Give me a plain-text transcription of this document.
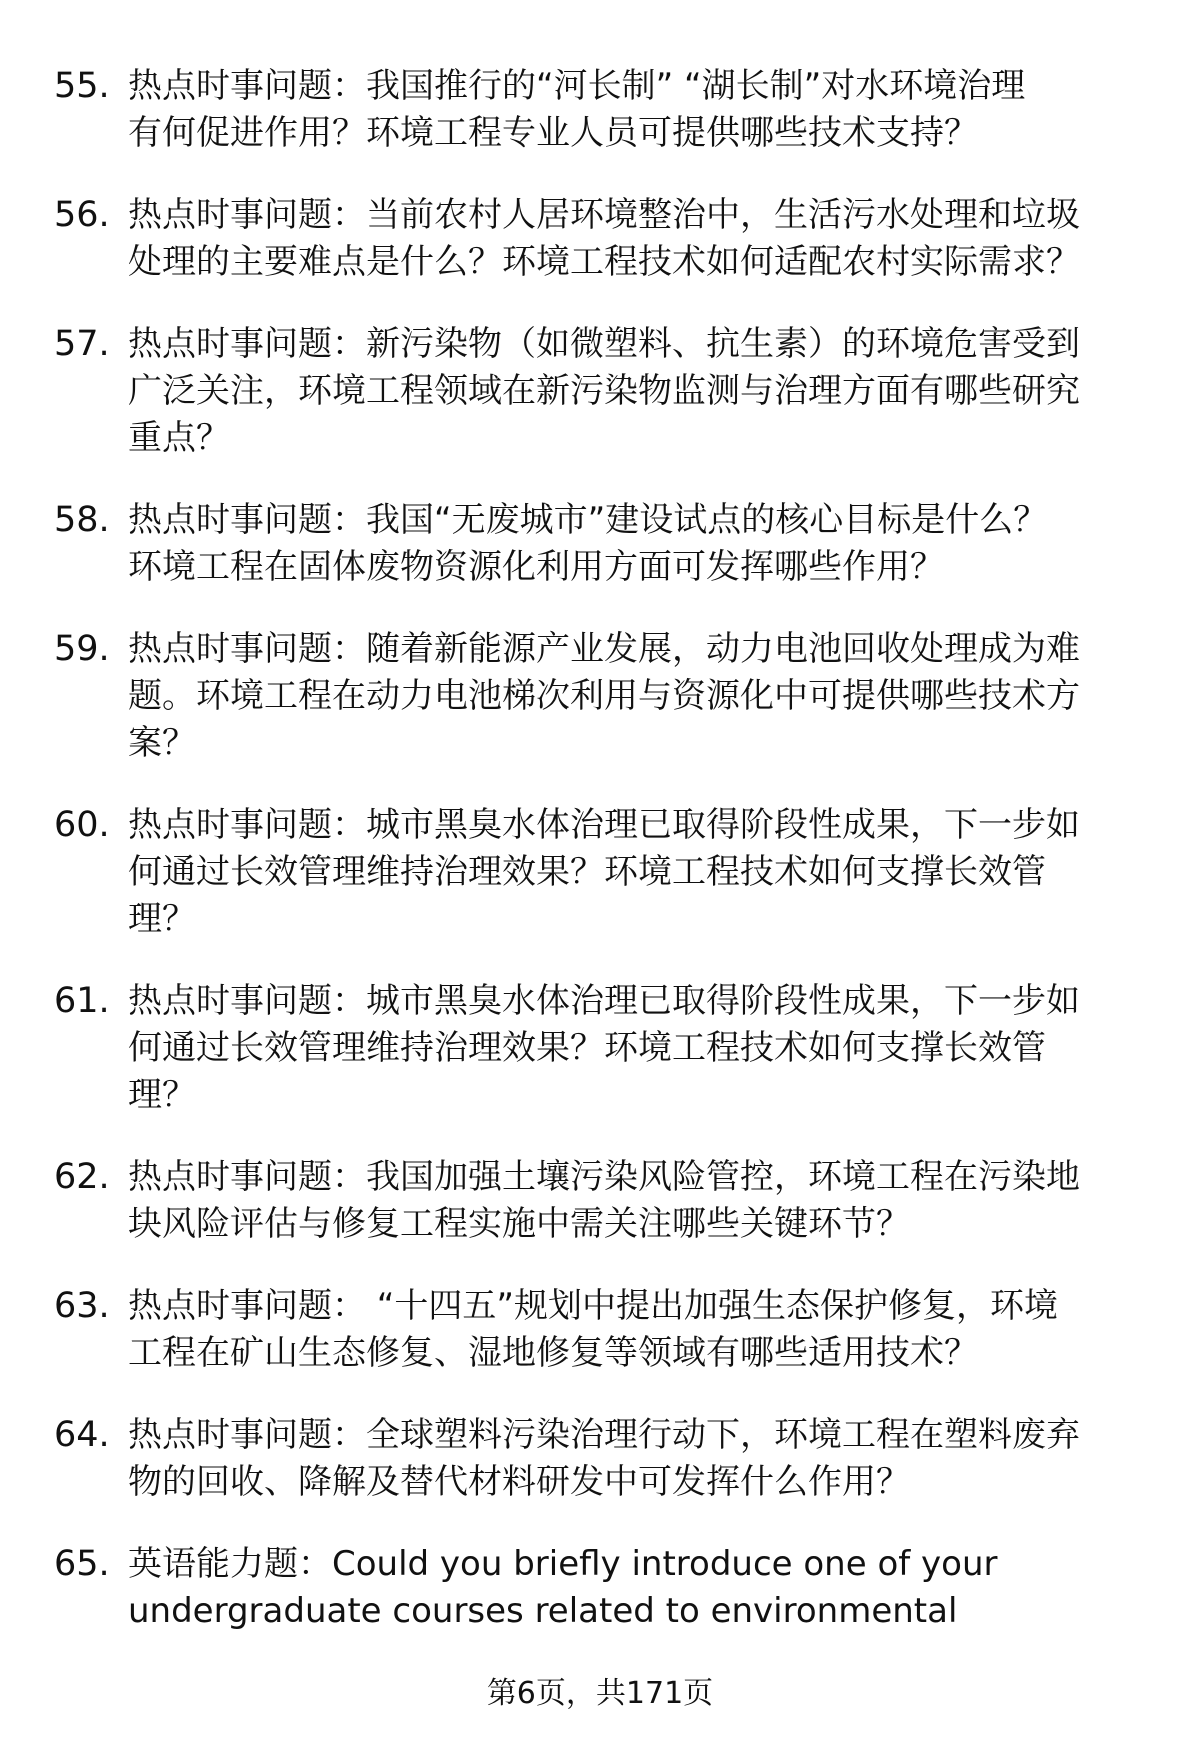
55. 热点时事问题：我国推行的“河长制” “湖长制”对水环境治理
有何促进作用？环境工程专业人员可提供哪些技术支持？
56. 热点时事问题：当前农村人居环境整治中，生活污水处理和垃圾
处理的主要难点是什么？环境工程技术如何适配农村实际需求？
57. 热点时事问题：新污染物（如微塑料、抗生素）的环境危害受到
广泛关注，环境工程领域在新污染物监测与治理方面有哪些研究
重点？
58. 热点时事问题：我国“无废城市”建设试点的核心目标是什么？
环境工程在固体废物资源化利用方面可发挥哪些作用？
59. 热点时事问题：随着新能源产业发展，动力电池回收处理成为难
题。环境工程在动力电池梯次利用与资源化中可提供哪些技术方
案？
60. 热点时事问题：城市黑臭水体治理已取得阶段性成果，下一步如
何通过长效管理维持治理效果？环境工程技术如何支撑长效管
理？
61. 热点时事问题：城市黑臭水体治理已取得阶段性成果，下一步如
何通过长效管理维持治理效果？环境工程技术如何支撑长效管
理？
62. 热点时事问题：我国加强土壤污染风险管控，环境工程在污染地
块风险评估与修复工程实施中需关注哪些关键环节？
63. 热点时事问题： “十四五”规划中提出加强生态保护修复，环境
工程在矿山生态修复、湿地修复等领域有哪些适用技术？
64. 热点时事问题：全球塑料污染治理行动下，环境工程在塑料废弃
物的回收、降解及替代材料研发中可发挥什么作用？
65. 英语能力题：Could you briefly introduce one of your
undergraduate courses related to environmental
第6页，共171页
